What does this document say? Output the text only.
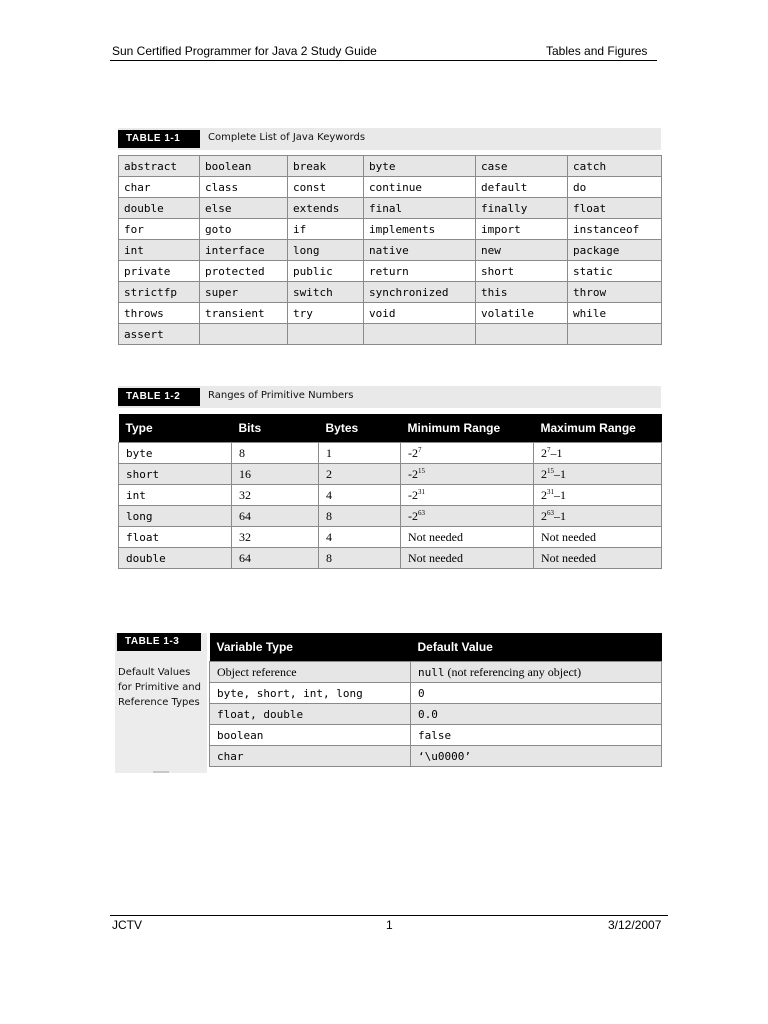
Sun Certified Programmer for Java 2 Study Guide	Tables and Figures
TABLE 1-1	Complete List of Java Keywords
abstract	boolean	break	byte	case	catch
char	class	const	continue	default	do
double	else	extends	final	finally	float
for	goto	if	implements	import	instanceof
int	interface	long	native	new	package
private	protected	public	return	short	static
strictfp	super	switch	synchronized	this	throw
throws	transient	try	void	volatile	while
assert					
TABLE 1-2	Ranges of Primitive Numbers
Type	Bits	Bytes	Minimum Range	Maximum Range
byte	8	1	$-2^7$	$2^7-1$
short	16	2	$-2^{15}$	$2^{15}-1$
int	32	4	$-2^{31}$	$2^{31}-1$
long	64	8	$-2^{63}$	$2^{63}-1$
float	32	4	Not needed	Not needed
double	64	8	Not needed	Not needed
TABLE 1-3
Default Values
for Primitive and
Reference Types
Variable Type	Default Value
Object reference	null (not referencing any object)
byte, short, int, long	0
float, double	0.0
boolean	false
char	‘\u0000’
JCTV	1	3/12/2007
